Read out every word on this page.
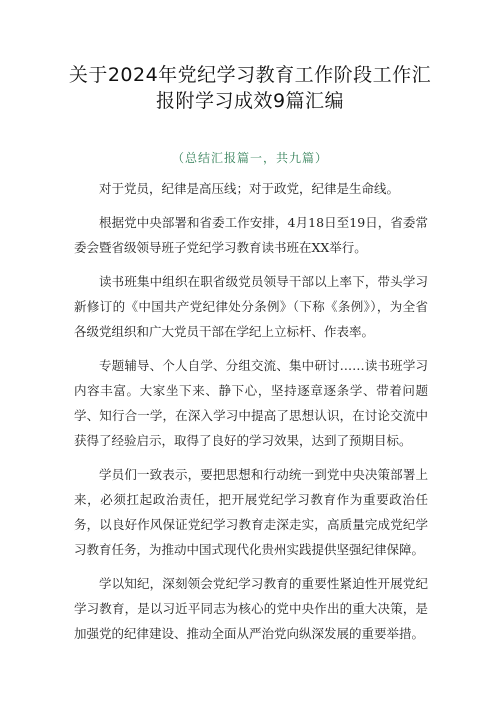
关于2024年党纪学习教育工作阶段工作汇
报附学习成效9篇汇编
（总结汇报篇一，共九篇）

对于党员，纪律是高压线；对于政党，纪律是生命线。

根据党中央部署和省委工作安排，4月18日至19日，省委常委会暨省级领导班子党纪学习教育读书班在XX举行。

读书班集中组织在职省级党员领导干部以上率下，带头学习新修订的《中国共产党纪律处分条例》（下称《条例》），为全省各级党组织和广大党员干部在学纪上立标杆、作表率。

专题辅导、个人自学、分组交流、集中研讨……读书班学习内容丰富。大家坐下来、静下心，坚持逐章逐条学、带着问题学、知行合一学，在深入学习中提高了思想认识，在讨论交流中获得了经验启示，取得了良好的学习效果，达到了预期目标。

学员们一致表示，要把思想和行动统一到党中央决策部署上来，必须扛起政治责任，把开展党纪学习教育作为重要政治任务，以良好作风保证党纪学习教育走深走实，高质量完成党纪学习教育任务，为推动中国式现代化贵州实践提供坚强纪律保障。

学以知纪，深刻领会党纪学习教育的重要性紧迫性开展党纪学习教育，是以习近平同志为核心的党中央作出的重大决策，是加强党的纪律建设、推动全面从严治党向纵深发展的重要举措。
